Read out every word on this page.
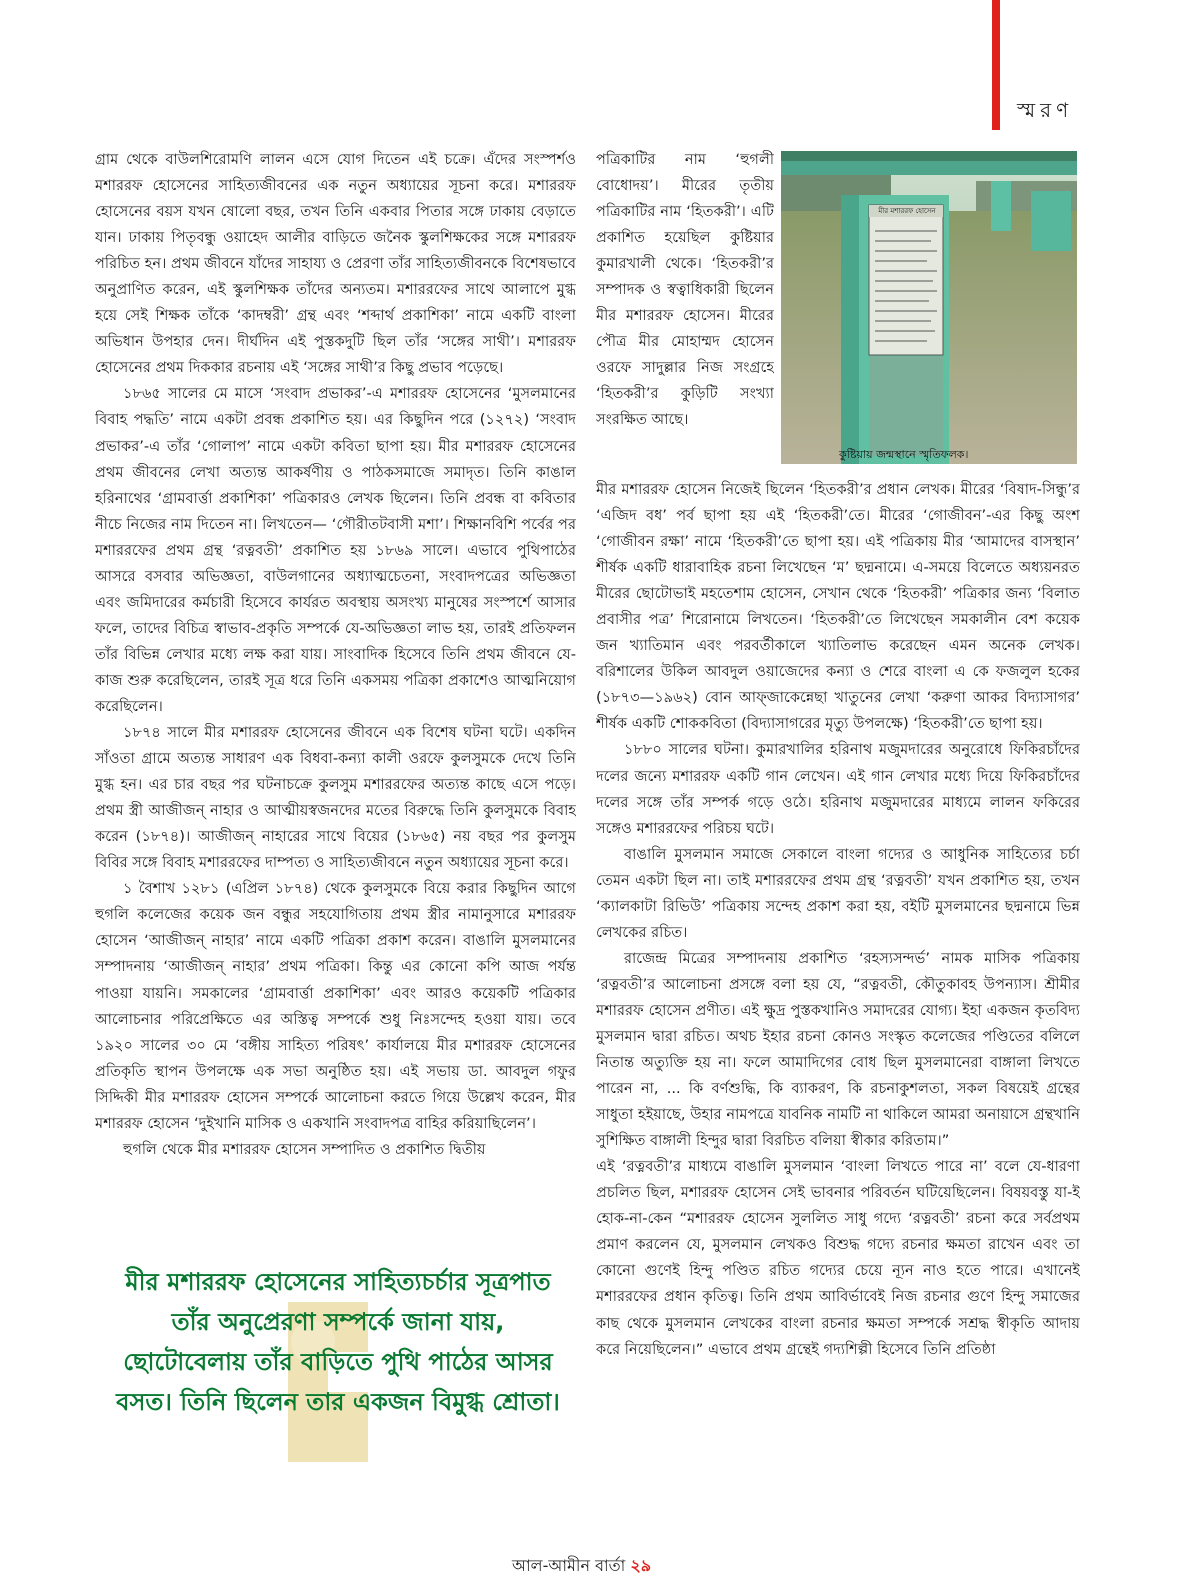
স্মরণ

গ্রাম থেকে বাউলশিরোমণি লালন এসে যোগ দিতেন এই চক্রে। এঁদের সংস্পর্শও মশাররফ হোসেনের সাহিত্যজীবনের এক নতুন অধ্যায়ের সূচনা করে। মশাররফ হোসেনের বয়স যখন ষোলো বছর, তখন তিনি একবার পিতার সঙ্গে ঢাকায় বেড়াতে যান। ঢাকায় পিতৃবন্ধু ওয়াহেদ আলীর বাড়িতে জনৈক স্কুলশিক্ষকের সঙ্গে মশাররফ পরিচিত হন। প্রথম জীবনে যাঁদের সাহায্য ও প্রেরণা তাঁর সাহিত্যজীবনকে বিশেষভাবে অনুপ্রাণিত করেন, এই স্কুলশিক্ষক তাঁদের অন্যতম। মশাররফের সাথে আলাপে মুগ্ধ হয়ে সেই শিক্ষক তাঁকে ‘কাদম্বরী’ গ্রন্থ এবং ‘শব্দার্থ প্রকাশিকা’ নামে একটি বাংলা অভিধান উপহার দেন। দীর্ঘদিন এই পুস্তকদুটি ছিল তাঁর ‘সঙ্গের সাথী’। মশাররফ হোসেনের প্রথম দিককার রচনায় এই ‘সঙ্গের সাথী’র কিছু প্রভাব পড়েছে।

১৮৬৫ সালের মে মাসে ‘সংবাদ প্রভাকর’-এ মশাররফ হোসেনের ‘মুসলমানের বিবাহ পদ্ধতি’ নামে একটা প্রবন্ধ প্রকাশিত হয়। এর কিছুদিন পরে (১২৭২) ‘সংবাদ প্রভাকর’-এ তাঁর ‘গোলাপ’ নামে একটা কবিতা ছাপা হয়। মীর মশাররফ হোসেনের প্রথম জীবনের লেখা অত্যন্ত আকর্ষণীয় ও পাঠকসমাজে সমাদৃত। তিনি কাঙাল হরিনাথের ‘গ্রামবার্ত্তা প্রকাশিকা’ পত্রিকারও লেখক ছিলেন। তিনি প্রবন্ধ বা কবিতার নীচে নিজের নাম দিতেন না। লিখতেন— ‘গৌরীতটবাসী মশা’। শিক্ষানবিশি পর্বের পর মশাররফের প্রথম গ্রন্থ ‘রত্নবতী’ প্রকাশিত হয় ১৮৬৯ সালে। এভাবে পুথিপাঠের আসরে বসবার অভিজ্ঞতা, বাউলগানের অধ্যাত্মচেতনা, সংবাদপত্রের অভিজ্ঞতা এবং জমিদারের কর্মচারী হিসেবে কার্যরত অবস্থায় অসংখ্য মানুষের সংস্পর্শে আসার ফলে, তাদের বিচিত্র স্বাভাব-প্রকৃতি সম্পর্কে যে-অভিজ্ঞতা লাভ হয়, তারই প্রতিফলন তাঁর বিভিন্ন লেখার মধ্যে লক্ষ করা যায়। সাংবাদিক হিসেবে তিনি প্রথম জীবনে যে-কাজ শুরু করেছিলেন, তারই সূত্র ধরে তিনি একসময় পত্রিকা প্রকাশেও আত্মনিয়োগ করেছিলেন।

১৮৭৪ সালে মীর মশাররফ হোসেনের জীবনে এক বিশেষ ঘটনা ঘটে। একদিন সাঁওতা গ্রামে অত্যন্ত সাধারণ এক বিধবা-কন্যা কালী ওরফে কুলসুমকে দেখে তিনি মুগ্ধ হন। এর চার বছর পর ঘটনাচক্রে কুলসুম মশাররফের অত্যন্ত কাছে এসে পড়ে। প্রথম স্ত্রী আজীজন্ নাহার ও আত্মীয়স্বজনদের মতের বিরুদ্ধে তিনি কুলসুমকে বিবাহ করেন (১৮৭৪)। আজীজন্ নাহারের সাথে বিয়ের (১৮৬৫) নয় বছর পর কুলসুম বিবির সঙ্গে বিবাহ মশাররফের দাম্পত্য ও সাহিত্যজীবনে নতুন অধ্যায়ের সূচনা করে।

১ বৈশাখ ১২৮১ (এপ্রিল ১৮৭৪) থেকে কুলসুমকে বিয়ে করার কিছুদিন আগে হুগলি কলেজের কয়েক জন বন্ধুর সহযোগিতায় প্রথম স্ত্রীর নামানুসারে মশাররফ হোসেন ‘আজীজন্ নাহার’ নামে একটি পত্রিকা প্রকাশ করেন। বাঙালি মুসলমানের সম্পাদনায় ‘আজীজন্ নাহার’ প্রথম পত্রিকা। কিন্তু এর কোনো কপি আজ পর্যন্ত পাওয়া যায়নি। সমকালের ‘গ্রামবার্ত্তা প্রকাশিকা’ এবং আরও কয়েকটি পত্রিকার আলোচনার পরিপ্রেক্ষিতে এর অস্তিত্ব সম্পর্কে শুধু নিঃসন্দেহ হওয়া যায়। তবে ১৯২০ সালের ৩০ মে ‘বঙ্গীয় সাহিত্য পরিষৎ’ কার্যালয়ে মীর মশাররফ হোসেনের প্রতিকৃতি স্থাপন উপলক্ষে এক সভা অনুষ্ঠিত হয়। এই সভায় ডা. আবদুল গফুর সিদ্দিকী মীর মশাররফ হোসেন সম্পর্কে আলোচনা করতে গিয়ে উল্লেখ করেন, মীর মশাররফ হোসেন ‘দুইখানি মাসিক ও একখানি সংবাদপত্র বাহির করিয়াছিলেন’।

হুগলি থেকে মীর মশাররফ হোসেন সম্পাদিত ও প্রকাশিত দ্বিতীয়

পত্রিকাটির নাম ‘হুগলী বোধোদয়’। মীরের তৃতীয় পত্রিকাটির নাম ‘হিতকরী’। এটি প্রকাশিত হয়েছিল কুষ্টিয়ার কুমারখালী থেকে। ‘হিতকরী’র সম্পাদক ও স্বত্বাধিকারী ছিলেন মীর মশাররফ হোসেন। মীরের পৌত্র মীর মোহাম্মদ হোসেন ওরফে সাদুল্লার নিজ সংগ্রহে ‘হিতকরী’র কুড়িটি সংখ্যা সংরক্ষিত আছে।

মীর মশাররফ হোসেন
কুষ্টিয়ায় জন্মস্থানে স্মৃতিফলক।

মীর মশাররফ হোসেন নিজেই ছিলেন ‘হিতকরী’র প্রধান লেখক। মীরের ‘বিষাদ-সিন্ধু’র ‘এজিদ বধ’ পর্ব ছাপা হয় এই ‘হিতকরী’তে। মীরের ‘গোজীবন’-এর কিছু অংশ ‘গোজীবন রক্ষা’ নামে ‘হিতকরী’তে ছাপা হয়। এই পত্রিকায় মীর ‘আমাদের বাসস্থান’ শীর্ষক একটি ধারাবাহিক রচনা লিখেছেন ‘ম’ ছদ্মনামে। এ-সময়ে বিলেতে অধ্যয়নরত মীরের ছোটোভাই মহতেশাম হোসেন, সেখান থেকে ‘হিতকরী’ পত্রিকার জন্য ‘বিলাত প্রবাসীর পত্র’ শিরোনামে লিখতেন। ‘হিতকরী’তে লিখেছেন সমকালীন বেশ কয়েক জন খ্যাতিমান এবং পরবর্তীকালে খ্যাতিলাভ করেছেন এমন অনেক লেখক। বরিশালের উকিল আবদুল ওয়াজেদের কন্যা ও শেরে বাংলা এ কে ফজলুল হকের (১৮৭৩—১৯৬২) বোন আফ্জাকেন্নেছা খাতুনের লেখা ‘করুণা আকর বিদ্যাসাগর’ শীর্ষক একটি শোককবিতা (বিদ্যাসাগরের মৃত্যু উপলক্ষে) ‘হিতকরী’তে ছাপা হয়।

১৮৮০ সালের ঘটনা। কুমারখালির হরিনাথ মজুমদারের অনুরোধে ফিকিরচাঁদের দলের জন্যে মশাররফ একটি গান লেখেন। এই গান লেখার মধ্যে দিয়ে ফিকিরচাঁদের দলের সঙ্গে তাঁর সম্পর্ক গড়ে ওঠে। হরিনাথ মজুমদারের মাধ্যমে লালন ফকিরের সঙ্গেও মশাররফের পরিচয় ঘটে।

বাঙালি মুসলমান সমাজে সেকালে বাংলা গদ্যের ও আধুনিক সাহিত্যের চর্চা তেমন একটা ছিল না। তাই মশাররফের প্রথম গ্রন্থ ‘রত্নবতী’ যখন প্রকাশিত হয়, তখন ‘ক্যালকাটা রিভিউ’ পত্রিকায় সন্দেহ প্রকাশ করা হয়, বইটি মুসলমানের ছদ্মনামে ভিন্ন লেখকের রচিত।

রাজেন্দ্র মিত্রের সম্পাদনায় প্রকাশিত ‘রহস্যসন্দর্ভ’ নামক মাসিক পত্রিকায় ‘রত্নবতী’র আলোচনা প্রসঙ্গে বলা হয় যে, “রত্নবতী, কৌতুকাবহ উপন্যাস। শ্রীমীর মশাররফ হোসেন প্রণীত। এই ক্ষুদ্র পুস্তকখানিও সমাদরের যোগ্য। ইহা একজন কৃতবিদ্য মুসলমান দ্বারা রচিত। অথচ ইহার রচনা কোনও সংস্কৃত কলেজের পণ্ডিতের বলিলে নিতান্ত অত্যুক্তি হয় না। ফলে আমাদিগের বোধ ছিল মুসলমানেরা বাঙ্গালা লিখতে পারেন না, ... কি বর্ণশুদ্ধি, কি ব্যাকরণ, কি রচনাকুশলতা, সকল বিষয়েই গ্রন্থের সাধুতা হইয়াছে, উহার নামপত্রে যাবনিক নামটি না থাকিলে আমরা অনায়াসে গ্রন্থখানি সুশিক্ষিত বাঙ্গালী হিন্দুর দ্বারা বিরচিত বলিয়া স্বীকার করিতাম।”

এই ‘রত্নবতী’র মাধ্যমে বাঙালি মুসলমান ‘বাংলা লিখতে পারে না’ বলে যে-ধারণা প্রচলিত ছিল, মশাররফ হোসেন সেই ভাবনার পরিবর্তন ঘটিয়েছিলেন। বিষয়বস্তু যা-ই হোক-না-কেন “মশাররফ হোসেন সুললিত সাধু গদ্যে ‘রত্নবতী’ রচনা করে সর্বপ্রথম প্রমাণ করলেন যে, মুসলমান লেখকও বিশুদ্ধ গদ্যে রচনার ক্ষমতা রাখেন এবং তা কোনো গুণেই হিন্দু পণ্ডিত রচিত গদ্যের চেয়ে ন্যূন নাও হতে পারে। এখানেই মশাররফের প্রধান কৃতিত্ব। তিনি প্রথম আবির্ভাবেই নিজ রচনার গুণে হিন্দু সমাজের কাছ থেকে মুসলমান লেখকের বাংলা রচনার ক্ষমতা সম্পর্কে সশ্রদ্ধ স্বীকৃতি আদায় করে নিয়েছিলেন।” এভাবে প্রথম গ্রন্থেই গদ্যশিল্পী হিসেবে তিনি প্রতিষ্ঠা

মীর মশাররফ হোসেনের সাহিত্যচর্চার সূত্রপাত তাঁর অনুপ্রেরণা সম্পর্কে জানা যায়, ছোটোবেলায় তাঁর বাড়িতে পুথি পাঠের আসর বসত। তিনি ছিলেন তার একজন বিমুগ্ধ শ্রোতা।
আল-আমীন বার্তা ২৯
